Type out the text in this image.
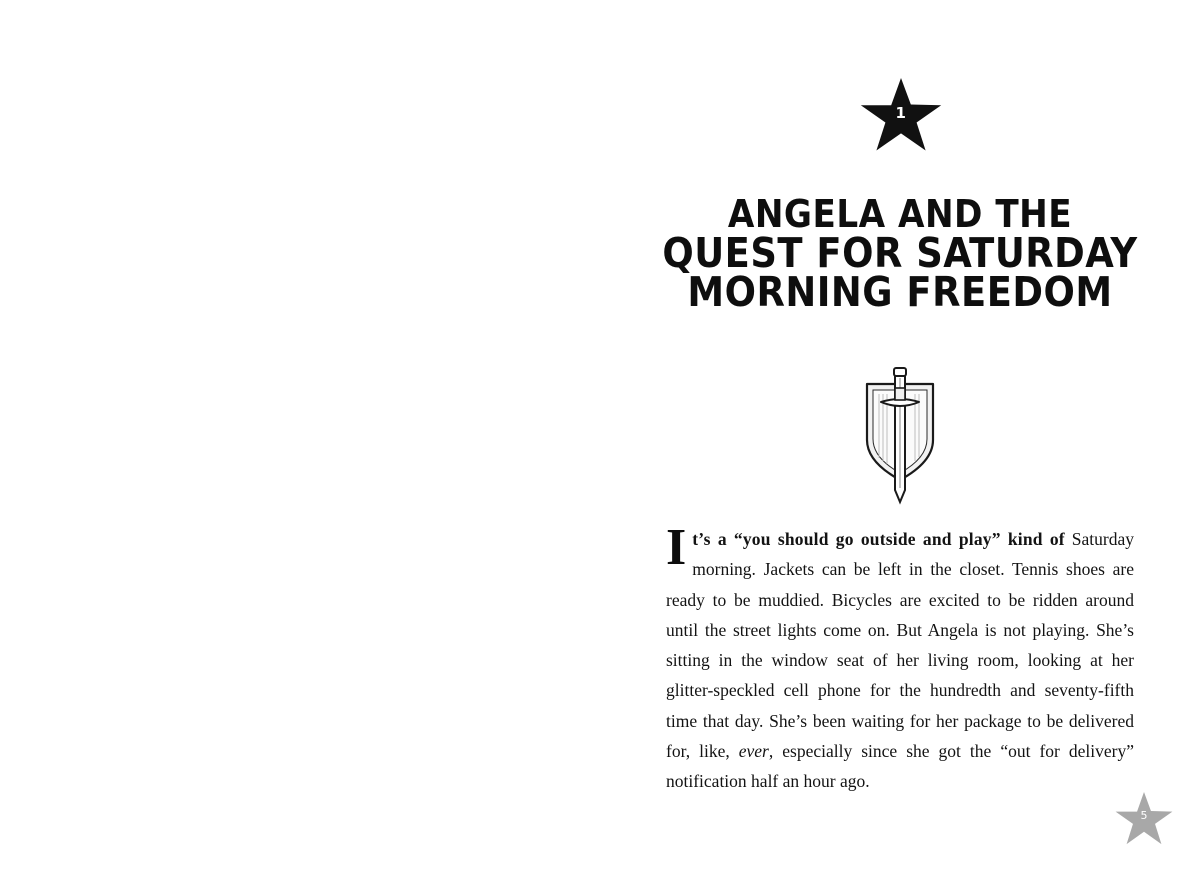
1
ANGELA AND THE
QUEST FOR SATURDAY
MORNING FREEDOM

It’s a “you should go outside and play” kind of Saturday morning. Jackets can be left in the closet. Tennis shoes are ready to be muddied. Bicycles are excited to be ridden around until the street lights come on. But Angela is not playing. She’s sitting in the window seat of her living room, looking at her glitter-speckled cell phone for the hundredth and seventy-fifth time that day. She’s been waiting for her package to be delivered for, like, ever, especially since she got the “out for delivery” notification half an hour ago.

5
